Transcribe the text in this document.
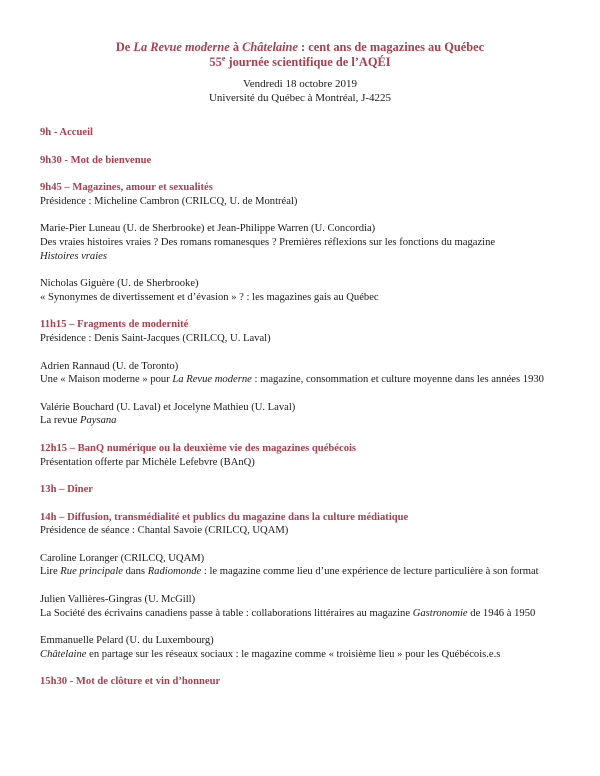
De La Revue moderne à Châtelaine : cent ans de magazines au Québec
55e journée scientifique de l’AQÉI
Vendredi 18 octobre 2019
Université du Québec à Montréal, J-4225

9h - Accueil

9h30 - Mot de bienvenue

9h45 – Magazines, amour et sexualités

Présidence : Micheline Cambron (CRILCQ, U. de Montréal)

Marie-Pier Luneau (U. de Sherbrooke) et Jean-Philippe Warren (U. Concordia)

Des vraies histoires vraies ? Des romans romanesques ? Premières réflexions sur les fonctions du magazine
Histoires vraies

Nicholas Giguère (U. de Sherbrooke)

« Synonymes de divertissement et d’évasion » ? : les magazines gais au Québec

11h15 – Fragments de modernité

Présidence : Denis Saint-Jacques (CRILCQ, U. Laval)

Adrien Rannaud (U. de Toronto)

Une « Maison moderne » pour La Revue moderne : magazine, consommation et culture moyenne dans les années 1930

Valérie Bouchard (U. Laval) et Jocelyne Mathieu (U. Laval)

La revue Paysana

12h15 – BanQ numérique ou la deuxième vie des magazines québécois

Présentation offerte par Michèle Lefebvre (BAnQ)

13h – Dîner

14h – Diffusion, transmédialité et publics du magazine dans la culture médiatique

Présidence de séance : Chantal Savoie (CRILCQ, UQAM)

Caroline Loranger (CRILCQ, UQAM)

Lire Rue principale dans Radiomonde : le magazine comme lieu d’une expérience de lecture particulière à son format

Julien Vallières-Gingras (U. McGill)

La Société des écrivains canadiens passe à table : collaborations littéraires au magazine Gastronomie de 1946 à 1950

Emmanuelle Pelard (U. du Luxembourg)

Châtelaine en partage sur les réseaux sociaux : le magazine comme « troisième lieu » pour les Québécois.e.s

15h30 - Mot de clôture et vin d’honneur
